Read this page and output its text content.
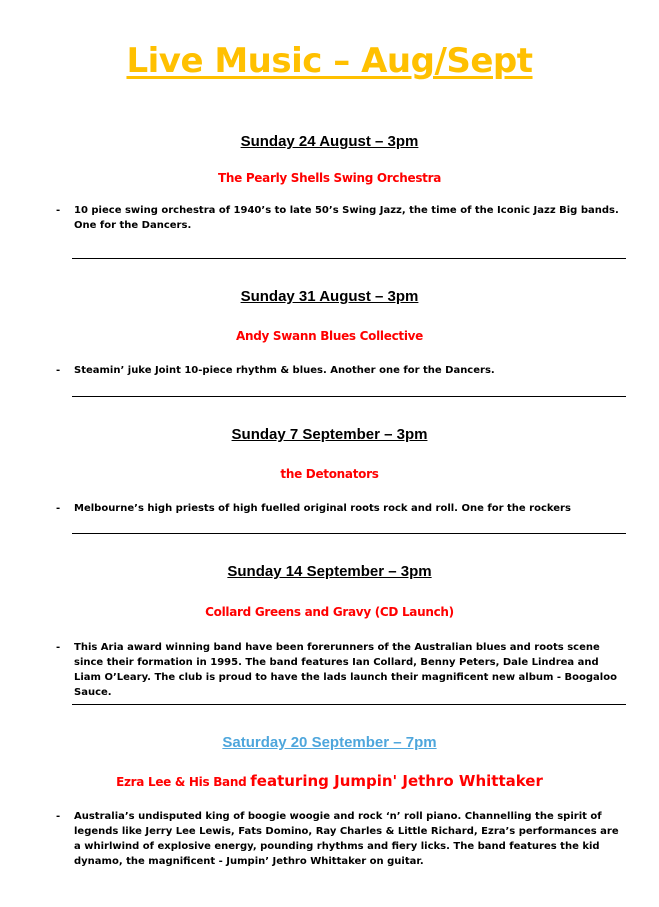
Live Music – Aug/Sept
Sunday 24 August – 3pm
The Pearly Shells Swing Orchestra
- 10 piece swing orchestra of 1940’s to late 50’s Swing Jazz, the time of the Iconic Jazz Big bands. One for the Dancers.
Sunday 31 August – 3pm
Andy Swann Blues Collective
- Steamin’ juke Joint 10-piece rhythm & blues. Another one for the Dancers.
Sunday 7 September – 3pm
the Detonators
- Melbourne’s high priests of high fuelled original roots rock and roll. One for the rockers
Sunday 14 September – 3pm
Collard Greens and Gravy (CD Launch)
- This Aria award winning band have been forerunners of the Australian blues and roots scene since their formation in 1995. The band features Ian Collard, Benny Peters, Dale Lindrea and Liam O’Leary. The club is proud to have the lads launch their magnificent new album - Boogaloo Sauce.
Saturday 20 September – 7pm
Ezra Lee & His Band featuring Jumpin' Jethro Whittaker
- Australia’s undisputed king of boogie woogie and rock ‘n’ roll piano. Channelling the spirit of legends like Jerry Lee Lewis, Fats Domino, Ray Charles & Little Richard, Ezra’s performances are a whirlwind of explosive energy, pounding rhythms and fiery licks. The band features the kid dynamo, the magnificent - Jumpin’ Jethro Whittaker on guitar.
